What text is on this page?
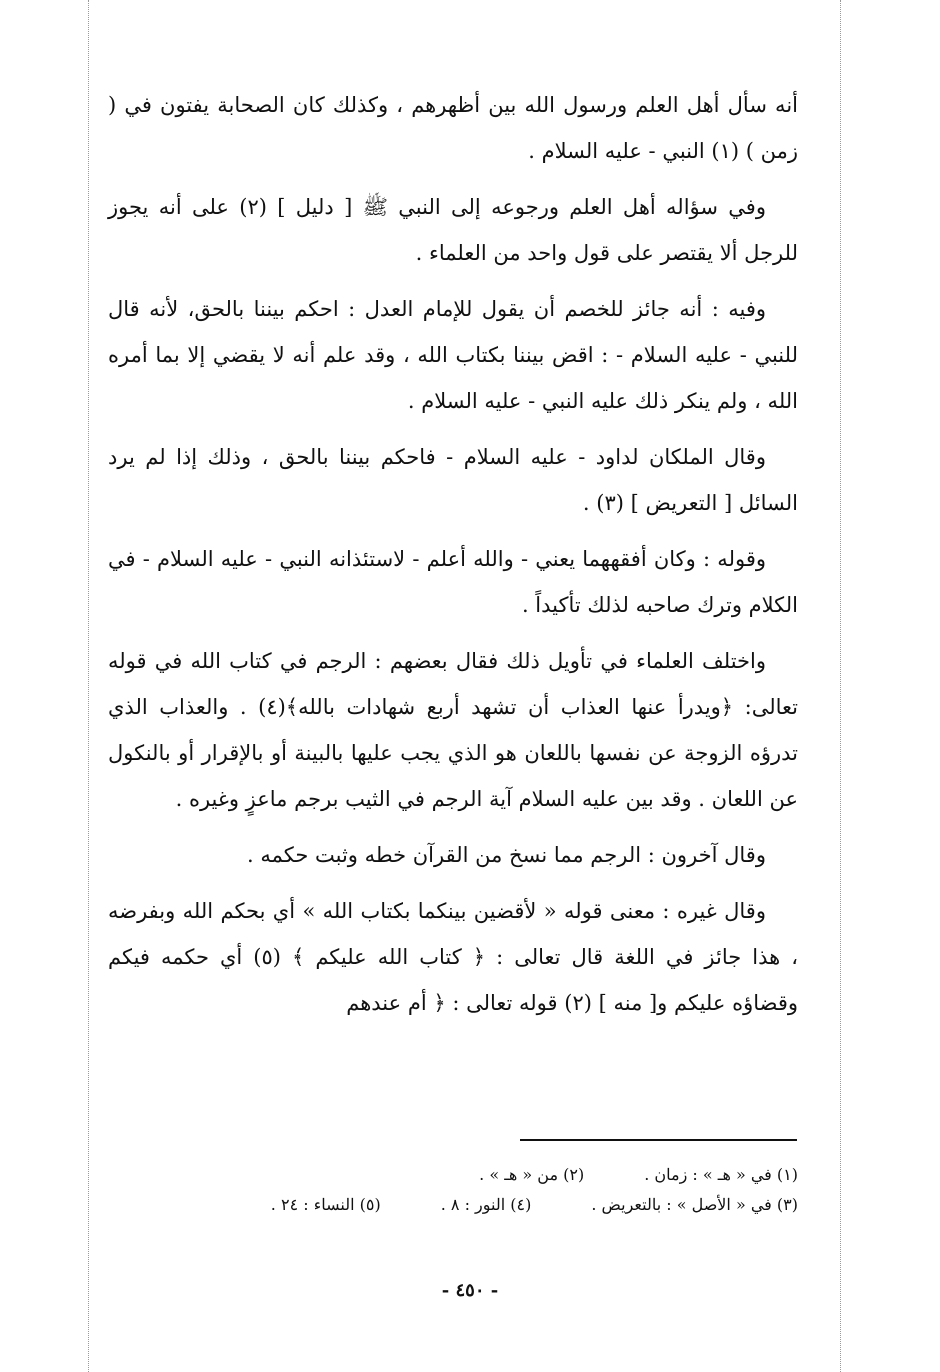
أنه سأل أهل العلم ورسول الله بين أظهرهم ، وكذلك كان الصحابة يفتون في ( زمن ) (١) النبي - عليه السلام .

وفي سؤاله أهل العلم ورجوعه إلى النبي ﷺ [ دليل ] (٢) على أنه يجوز للرجل ألا يقتصر على قول واحد من العلماء .

وفيه : أنه جائز للخصم أن يقول للإمام العدل : احكم بيننا بالحق، لأنه قال للنبي - عليه السلام - : اقض بيننا بكتاب الله ، وقد علم أنه لا يقضي إلا بما أمره الله ، ولم ينكر ذلك عليه النبي - عليه السلام .

وقال الملكان لداود - عليه السلام - فاحكم بيننا بالحق ، وذلك إذا لم يرد السائل [ التعريض ] (٣) .

وقوله : وكان أفقههما يعني - والله أعلم - لاستئذانه النبي - عليه السلام - في الكلام وترك صاحبه لذلك تأكيداً .

واختلف العلماء في تأويل ذلك فقال بعضهم : الرجم في كتاب الله في قوله تعالى: ﴿ويدرأ عنها العذاب أن تشهد أربع شهادات بالله﴾(٤) . والعذاب الذي تدرؤه الزوجة عن نفسها باللعان هو الذي يجب عليها بالبينة أو بالإقرار أو بالنكول عن اللعان . وقد بين عليه السلام آية الرجم في الثيب برجم ماعزٍ وغيره .

وقال آخرون : الرجم مما نسخ من القرآن خطه وثبت حكمه .

وقال غيره : معنى قوله « لأقضين بينكما بكتاب الله » أي بحكم الله وبفرضه ، هذا جائز في اللغة قال تعالى : ﴿ كتاب الله عليكم ﴾ (٥) أي حكمه فيكم وقضاؤه عليكم و[ منه ] (٢) قوله تعالى : ﴿ أم عندهم

(١) في « هـ » : زمان .
(٢) من « هـ » .
(٣) في « الأصل » : بالتعريض .
(٤) النور : ٨ .
(٥) النساء : ٢٤ .
- ٤٥٠ -
